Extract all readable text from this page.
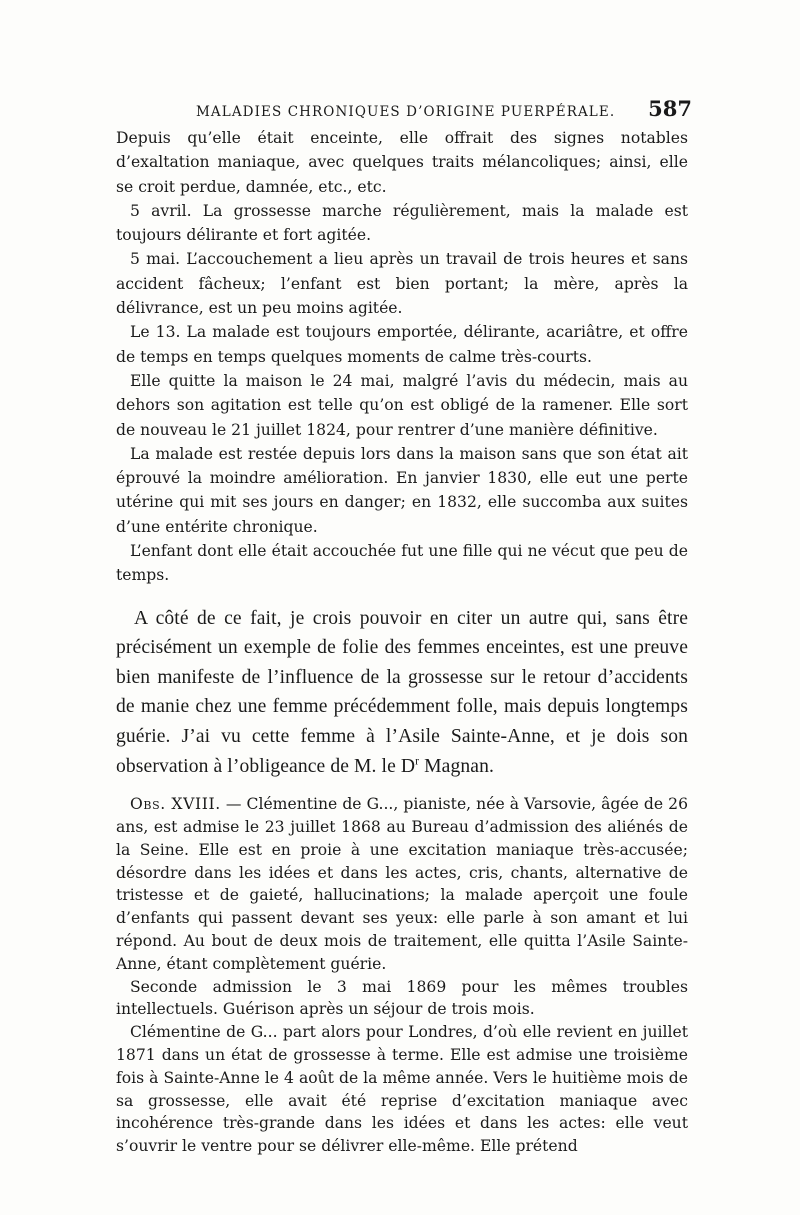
MALADIES CHRONIQUES D’ORIGINE PUERPÉRALE. 587

Depuis qu’elle était enceinte, elle offrait des signes notables d’exaltation maniaque, avec quelques traits mélancoliques; ainsi, elle se croit perdue, damnée, etc., etc.

5 avril. La grossesse marche régulièrement, mais la malade est toujours délirante et fort agitée.

5 mai. L’accouchement a lieu après un travail de trois heures et sans accident fâcheux; l’enfant est bien portant; la mère, après la délivrance, est un peu moins agitée.

Le 13. La malade est toujours emportée, délirante, acariâtre, et offre de temps en temps quelques moments de calme très-courts.

Elle quitte la maison le 24 mai, malgré l’avis du médecin, mais au dehors son agitation est telle qu’on est obligé de la ramener. Elle sort de nouveau le 21 juillet 1824, pour rentrer d’une manière définitive.

La malade est restée depuis lors dans la maison sans que son état ait éprouvé la moindre amélioration. En janvier 1830, elle eut une perte utérine qui mit ses jours en danger; en 1832, elle succomba aux suites d’une entérite chronique.

L’enfant dont elle était accouchée fut une fille qui ne vécut que peu de temps.

A côté de ce fait, je crois pouvoir en citer un autre qui, sans être précisément un exemple de folie des femmes enceintes, est une preuve bien manifeste de l’influence de la grossesse sur le retour d’accidents de manie chez une femme précédemment folle, mais depuis longtemps guérie. J’ai vu cette femme à l’Asile Sainte-Anne, et je dois son observation à l’obligeance de M. le $D^r$ Magnan.

Obs. XVIII. — Clémentine de G..., pianiste, née à Varsovie, âgée de 26 ans, est admise le 23 juillet 1868 au Bureau d’admission des aliénés de la Seine. Elle est en proie à une excitation maniaque très-accusée; désordre dans les idées et dans les actes, cris, chants, alternative de tristesse et de gaieté, hallucinations; la malade aperçoit une foule d’enfants qui passent devant ses yeux: elle parle à son amant et lui répond. Au bout de deux mois de traitement, elle quitta l’Asile Sainte-Anne, étant complètement guérie.

Seconde admission le 3 mai 1869 pour les mêmes troubles intellectuels. Guérison après un séjour de trois mois.

Clémentine de G... part alors pour Londres, d’où elle revient en juillet 1871 dans un état de grossesse à terme. Elle est admise une troisième fois à Sainte-Anne le 4 août de la même année. Vers le huitième mois de sa grossesse, elle avait été reprise d’excitation maniaque avec incohérence très-grande dans les idées et dans les actes: elle veut s’ouvrir le ventre pour se délivrer elle-même. Elle prétend
